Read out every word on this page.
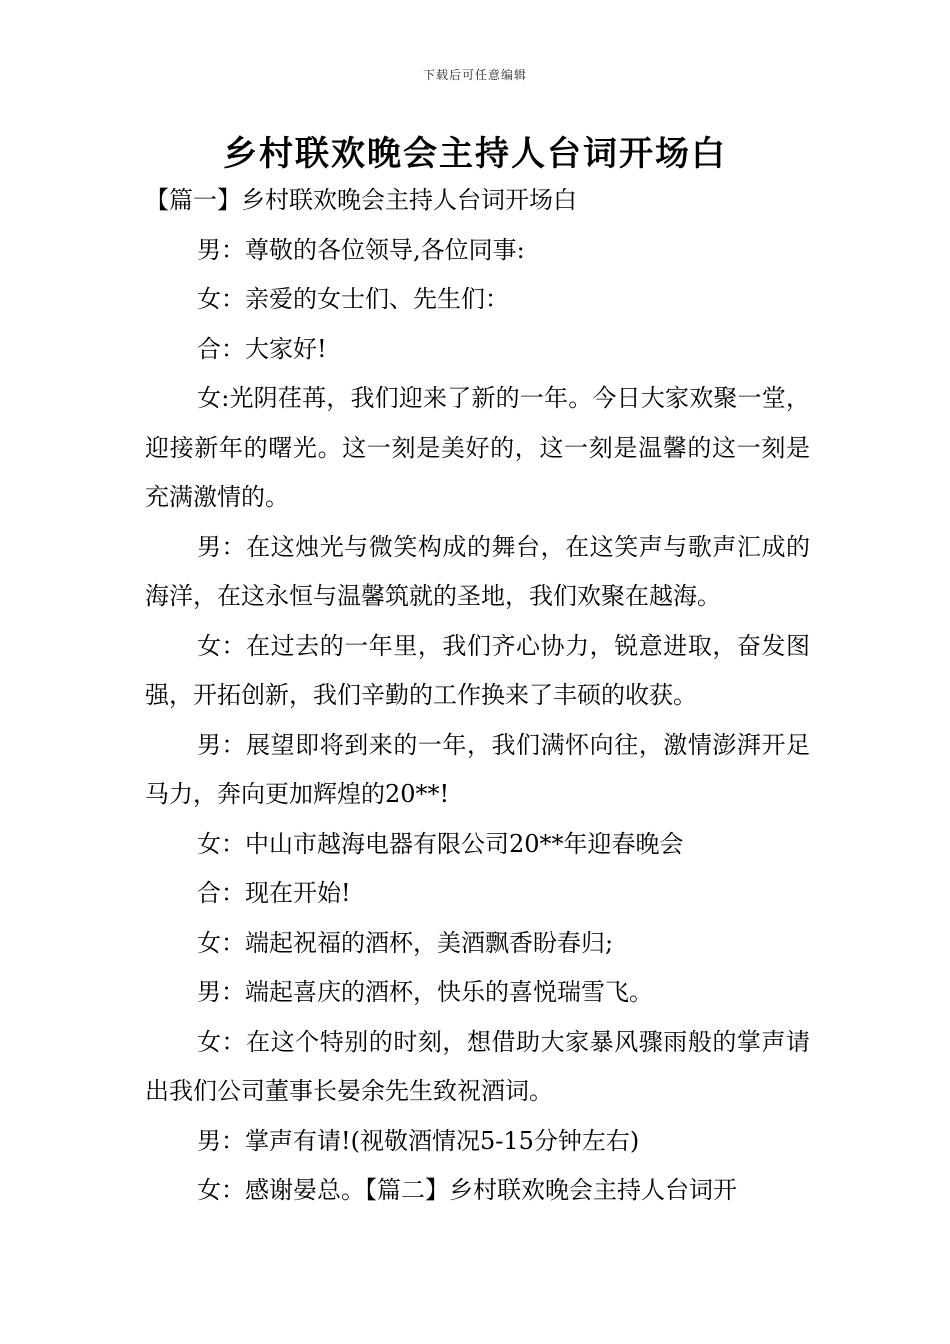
下载后可任意编辑
乡村联欢晚会主持人台词开场白

【篇一】乡村联欢晚会主持人台词开场白

男：尊敬的各位领导,各位同事:

女：亲爱的女士们、先生们：

合：大家好!

女:光阴荏苒，我们迎来了新的一年。今日大家欢聚一堂，迎接新年的曙光。这一刻是美好的，这一刻是温馨的这一刻是充满激情的。

男：在这烛光与微笑构成的舞台，在这笑声与歌声汇成的海洋，在这永恒与温馨筑就的圣地，我们欢聚在越海。

女：在过去的一年里，我们齐心协力，锐意进取，奋发图强，开拓创新，我们辛勤的工作换来了丰硕的收获。

男：展望即将到来的一年，我们满怀向往，激情澎湃开足马力，奔向更加辉煌的20**!

女：中山市越海电器有限公司20**年迎春晚会

合：现在开始!

女：端起祝福的酒杯，美酒飘香盼春归;

男：端起喜庆的酒杯，快乐的喜悦瑞雪飞。

女：在这个特别的时刻，想借助大家暴风骤雨般的掌声请出我们公司董事长晏余先生致祝酒词。

男：掌声有请!(视敬酒情况5-15分钟左右)

女：感谢晏总。【篇二】乡村联欢晚会主持人台词开
